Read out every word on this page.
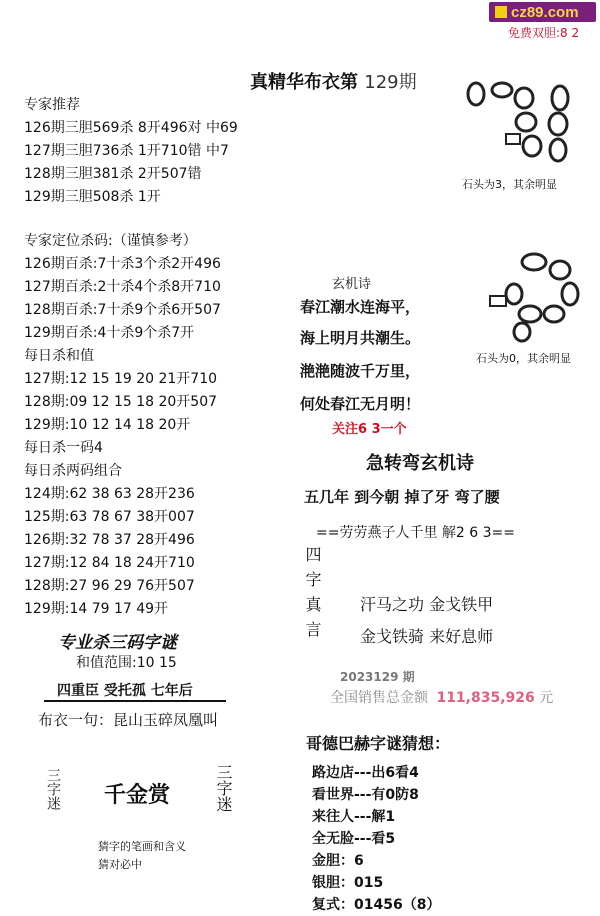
cz89.com
免费双胆:8 2
真精华布衣第 129期
专家推荐
126期三胆569杀 8开496对 中69
127期三胆736杀 1开710错 中7
128期三胆381杀 2开507错
129期三胆508杀 1开
专家定位杀码:（谨慎参考）
126期百杀:7十杀3个杀2开496
127期百杀:2十杀4个杀8开710
128期百杀:7十杀9个杀6开507
129期百杀:4十杀9个杀7开
每日杀和值
127期:12 15 19 20 21开710
128期:09 12 15 18 20开507
129期:10 12 14 18 20开
每日杀一码4
每日杀两码组合
124期:62 38 63 28开236
125期:63 78 67 38开007
126期:32 78 37 28开496
127期:12 84 18 24开710
128期:27 96 29 76开507
129期:14 79 17 49开
专业杀三码字谜
和值范围:10 15
四重臣 受托孤 七年后
布衣一句：昆山玉碎凤凰叫
三字迷 千金赏	三字迷
猜字的笔画和含义
猜对必中
石头为3，其余明显
石头为0，其余明显
玄机诗
春江潮水连海平，
海上明月共潮生。
滟滟随波千万里，
何处春江无月明！
关注6 3一个
急转弯玄机诗
五几年 到今朝 掉了牙 弯了腰
==劳劳燕子人千里 解2 6 3==
四字真言 汗马之功 金戈铁甲
金戈铁骑 来好息师
2023129 期
全国销售总金额 111,835,926 元
哥德巴赫字谜猜想：
路边店---出6看4
看世界---有0防8
来往人---解1
全无脸---看5
金胆：6
银胆：015
复式：01456（8）
